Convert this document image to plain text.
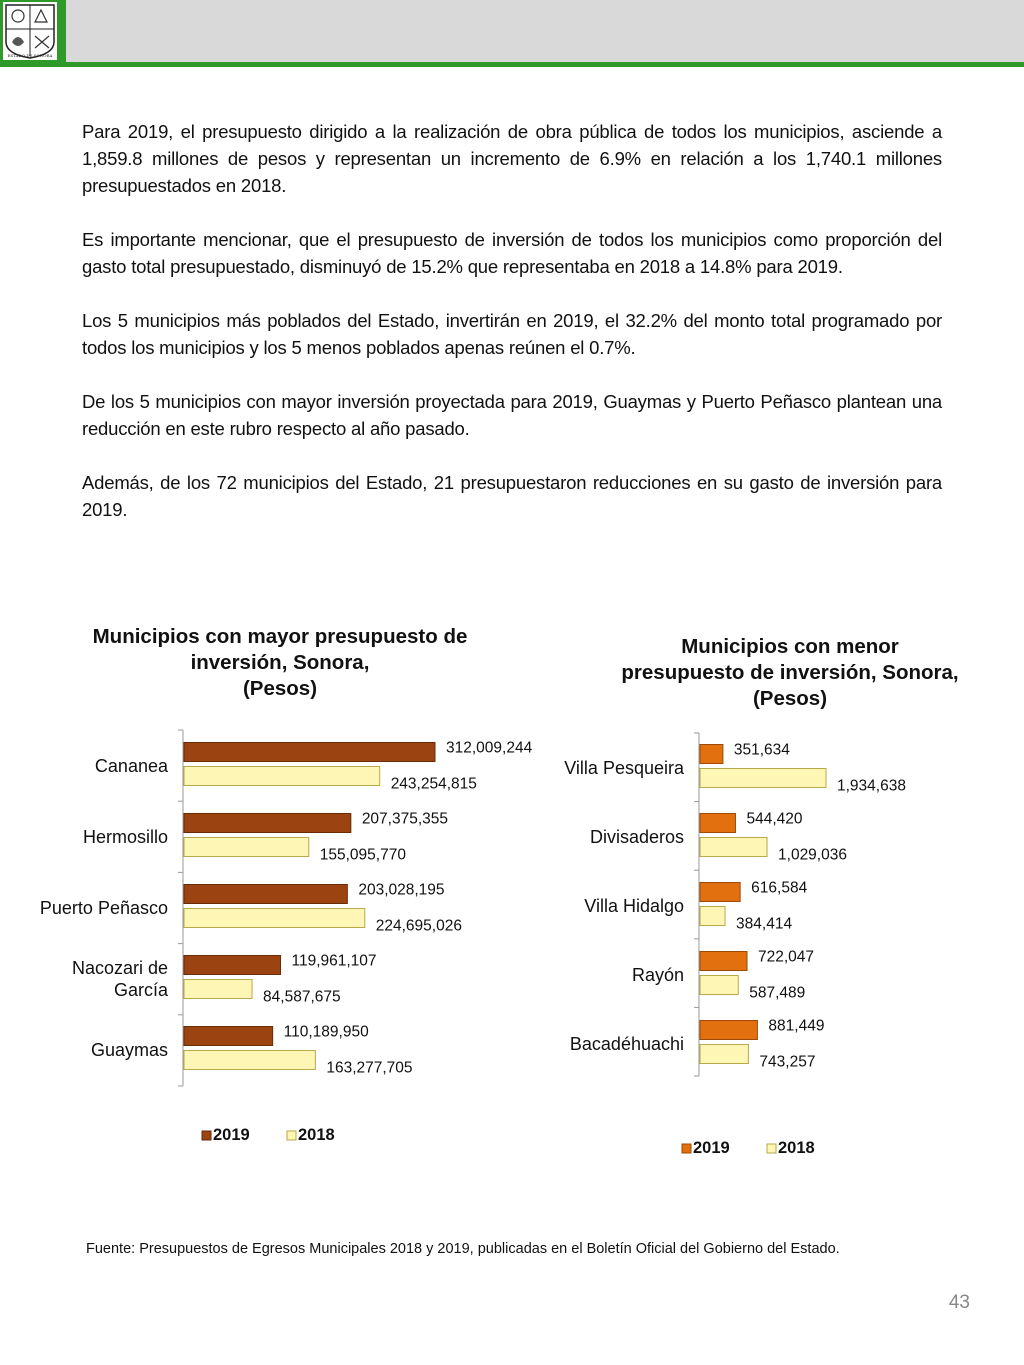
ESTADO DE SONORA

Para 2019, el presupuesto dirigido a la realización de obra pública de todos los municipios, asciende a 1,859.8 millones de pesos y representan un incremento de 6.9% en relación a los 1,740.1 millones presupuestados en 2018.

Es importante mencionar, que el presupuesto de inversión de todos los municipios como proporción del gasto total presupuestado, disminuyó de 15.2% que representaba en 2018 a 14.8% para 2019.

Los 5 municipios más poblados del Estado, invertirán en 2019, el 32.2% del monto total programado por todos los municipios y los 5 menos poblados apenas reúnen el 0.7%.

De los 5 municipios con mayor inversión proyectada para 2019, Guaymas y Puerto Peñasco plantean una reducción en este rubro respecto al año pasado.

Además, de los 72 municipios del Estado, 21 presupuestaron reducciones en su gasto de inversión para 2019.

Municipios con mayor presupuesto de
inversión, Sonora,
(Pesos)
Municipios con menor
presupuesto de inversión, Sonora,
(Pesos)
Cananea
312,009,244
243,254,815
Hermosillo
207,375,355
155,095,770
Puerto Peñasco
203,028,195
224,695,026
Nacozari de
García
119,961,107
84,587,675
Guaymas
110,189,950
163,277,705
2019	2018
Villa Pesqueira
351,634
1,934,638
Divisaderos
544,420
1,029,036
Villa Hidalgo
616,584
384,414
Rayón
722,047
587,489
Bacadéhuachi
881,449
743,257
2019	2018
Fuente: Presupuestos de Egresos Municipales 2018 y 2019, publicadas en el Boletín Oficial del Gobierno del Estado.
43
